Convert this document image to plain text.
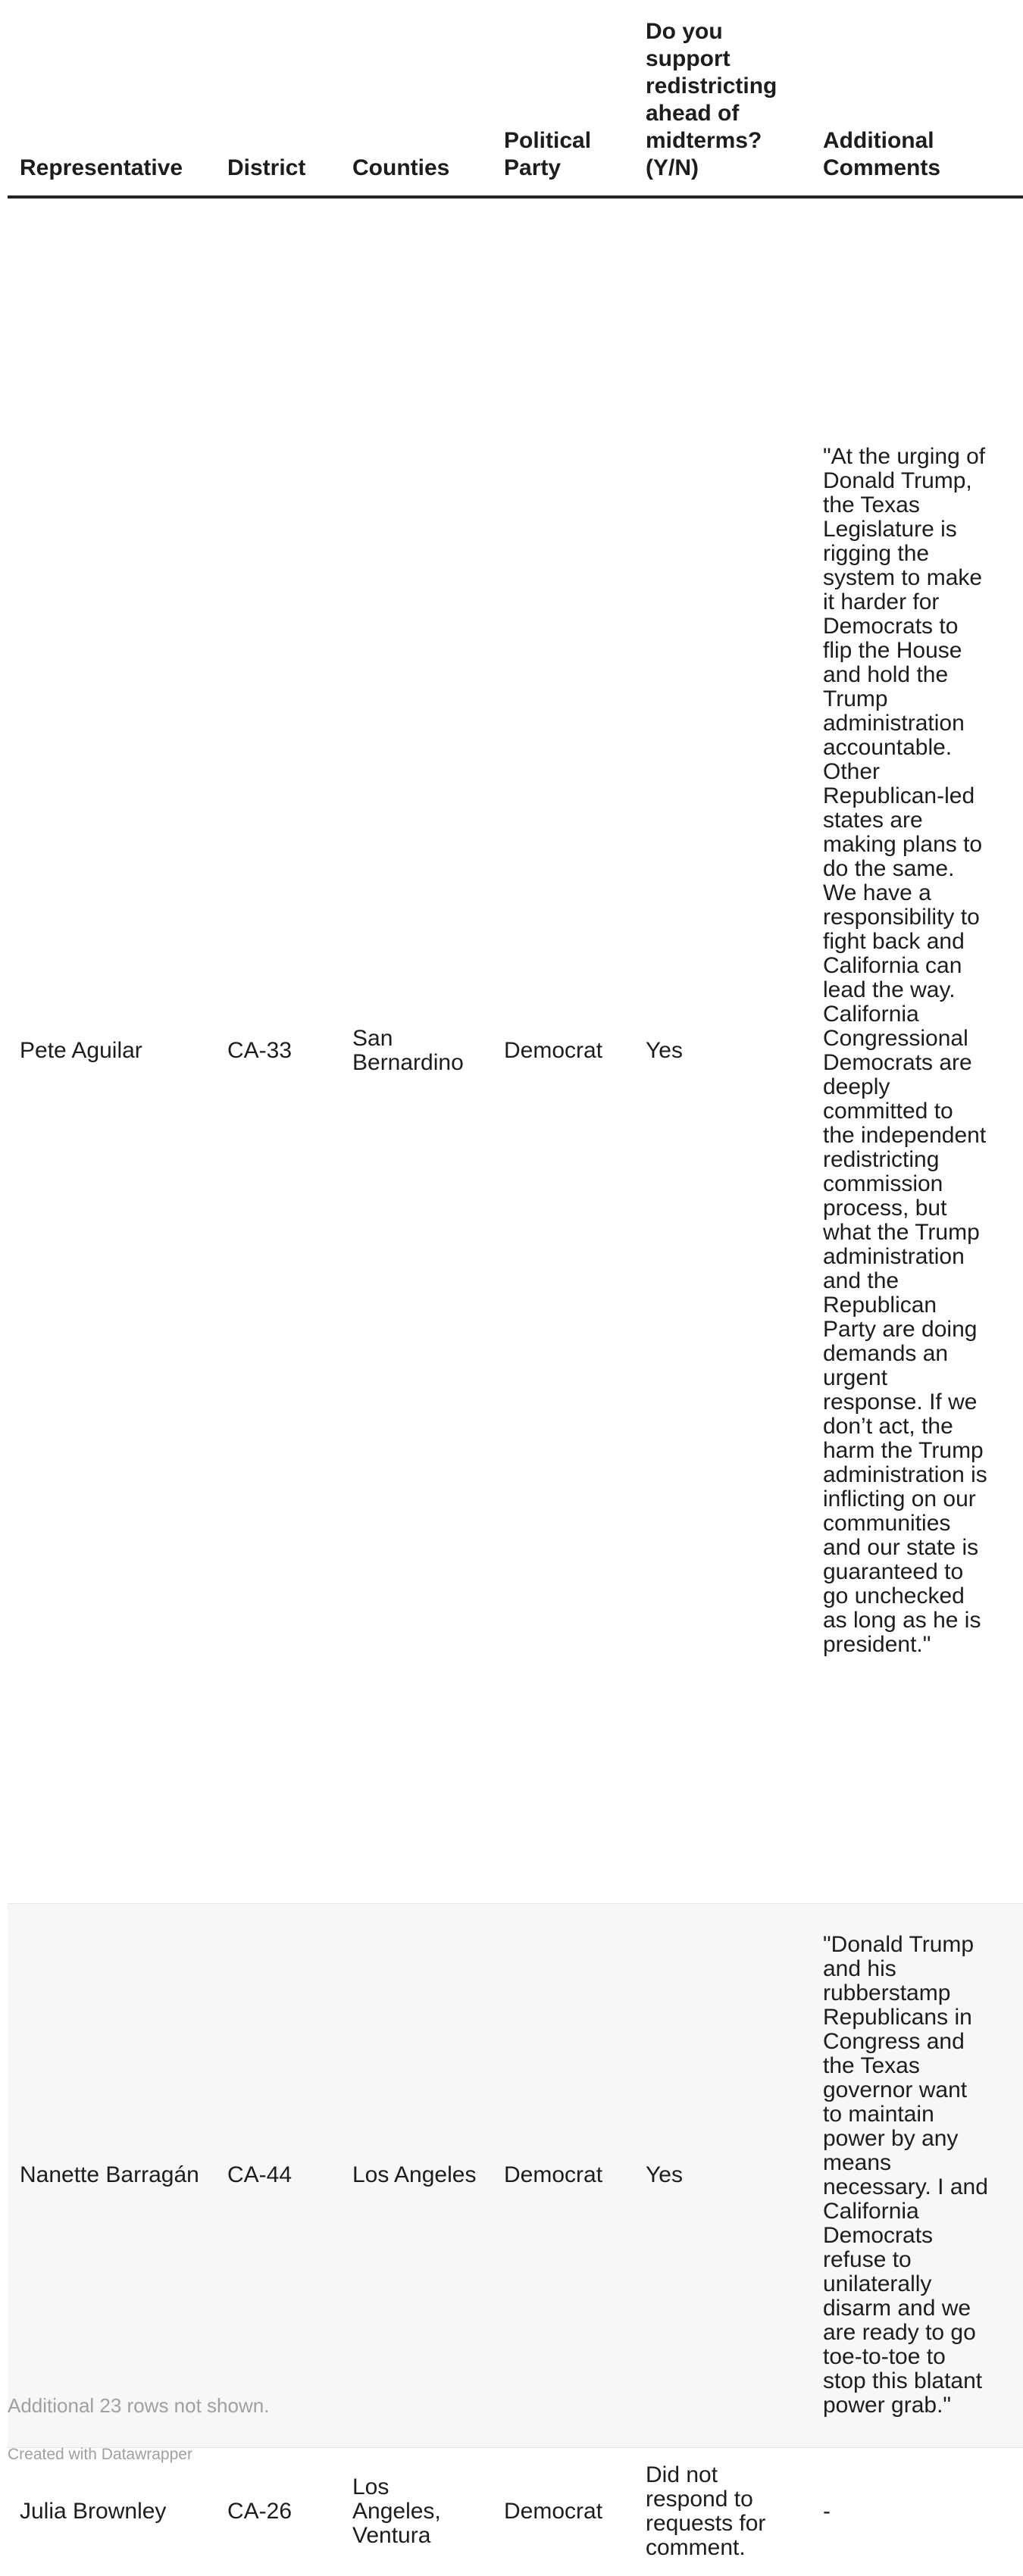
Representative	District	Counties	Political Party	Do you support redistricting ahead of midterms? (Y/N)	Additional Comments
Pete Aguilar	CA-33	San Bernardino	Democrat	Yes	"At the urging of Donald Trump, the Texas Legislature is rigging the system to make it harder for Democrats to flip the House and hold the Trump administration accountable. Other Republican-led states are making plans to do the same. We have a responsibility to fight back and California can lead the way. California Congressional Democrats are deeply committed to the independent redistricting commission process, but what the Trump administration and the Republican Party are doing demands an urgent response. If we don’t act, the harm the Trump administration is inflicting on our communities and our state is guaranteed to go unchecked as long as he is president."

Nanette Barragán	CA-44	Los Angeles	Democrat	Yes	"Donald Trump and his rubberstamp Republicans in Congress and the Texas governor want to maintain power by any means necessary. I and California Democrats refuse to unilaterally disarm and we are ready to go toe-to-toe to stop this blatant power grab."

Julia Brownley	CA-26	Los Angeles, Ventura	Democrat	Did not respond to requests for comment.	-
Additional 23 rows not shown.
Created with Datawrapper
